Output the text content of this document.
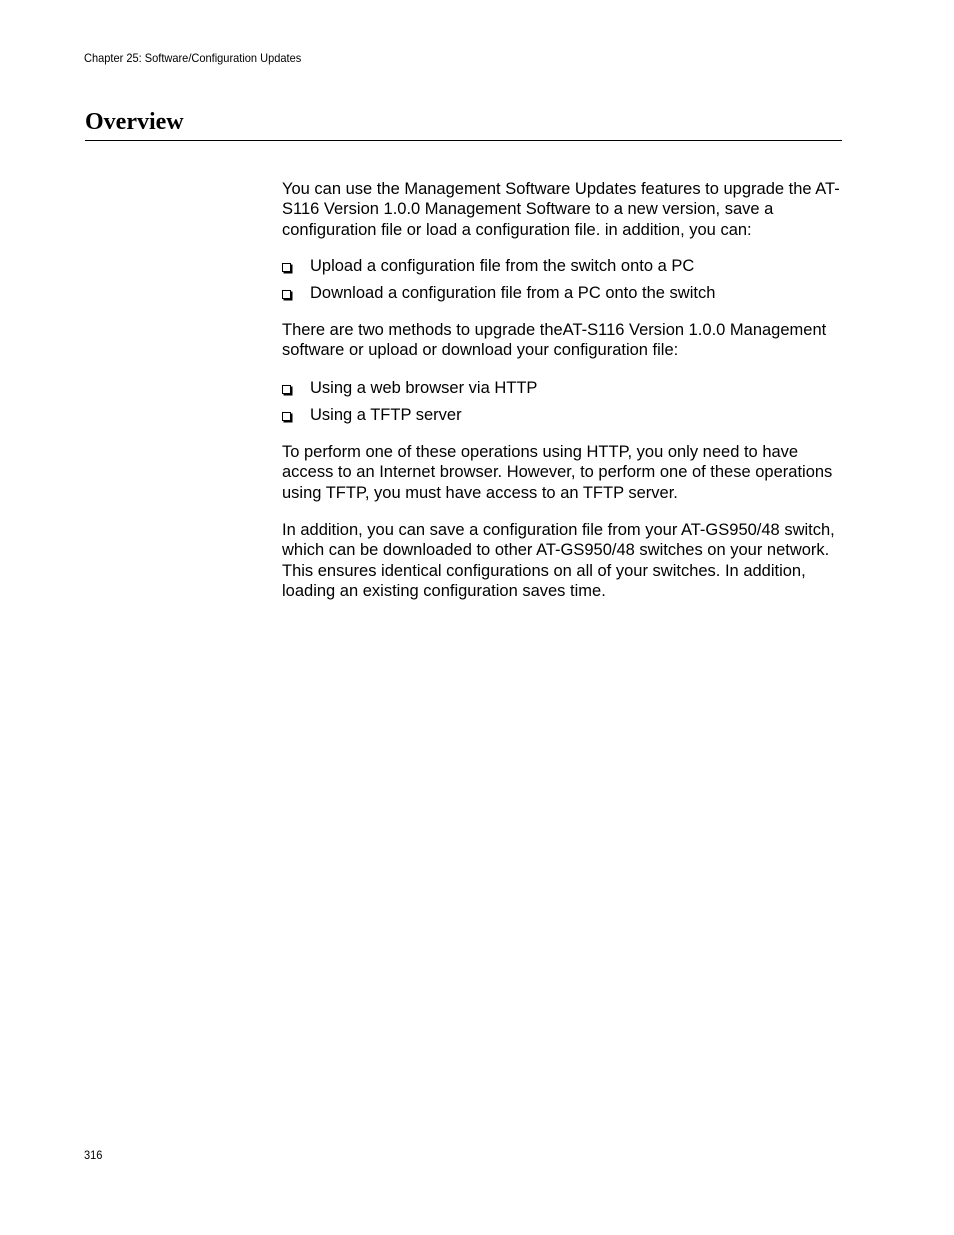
Chapter 25: Software/Configuration Updates
Overview

You can use the Management Software Updates features to upgrade the AT-S116 Version 1.0.0 Management Software to a new version, save a configuration file or load a configuration file. in addition, you can:

Upload a configuration file from the switch onto a PC
Download a configuration file from a PC onto the switch

There are two methods to upgrade theAT-S116 Version 1.0.0 Management software or upload or download your configuration file:

Using a web browser via HTTP
Using a TFTP server

To perform one of these operations using HTTP, you only need to have access to an Internet browser. However, to perform one of these operations using TFTP, you must have access to an TFTP server.

In addition, you can save a configuration file from your AT-GS950/48 switch, which can be downloaded to other AT-GS950/48 switches on your network. This ensures identical configurations on all of your switches. In addition, loading an existing configuration saves time.

316
